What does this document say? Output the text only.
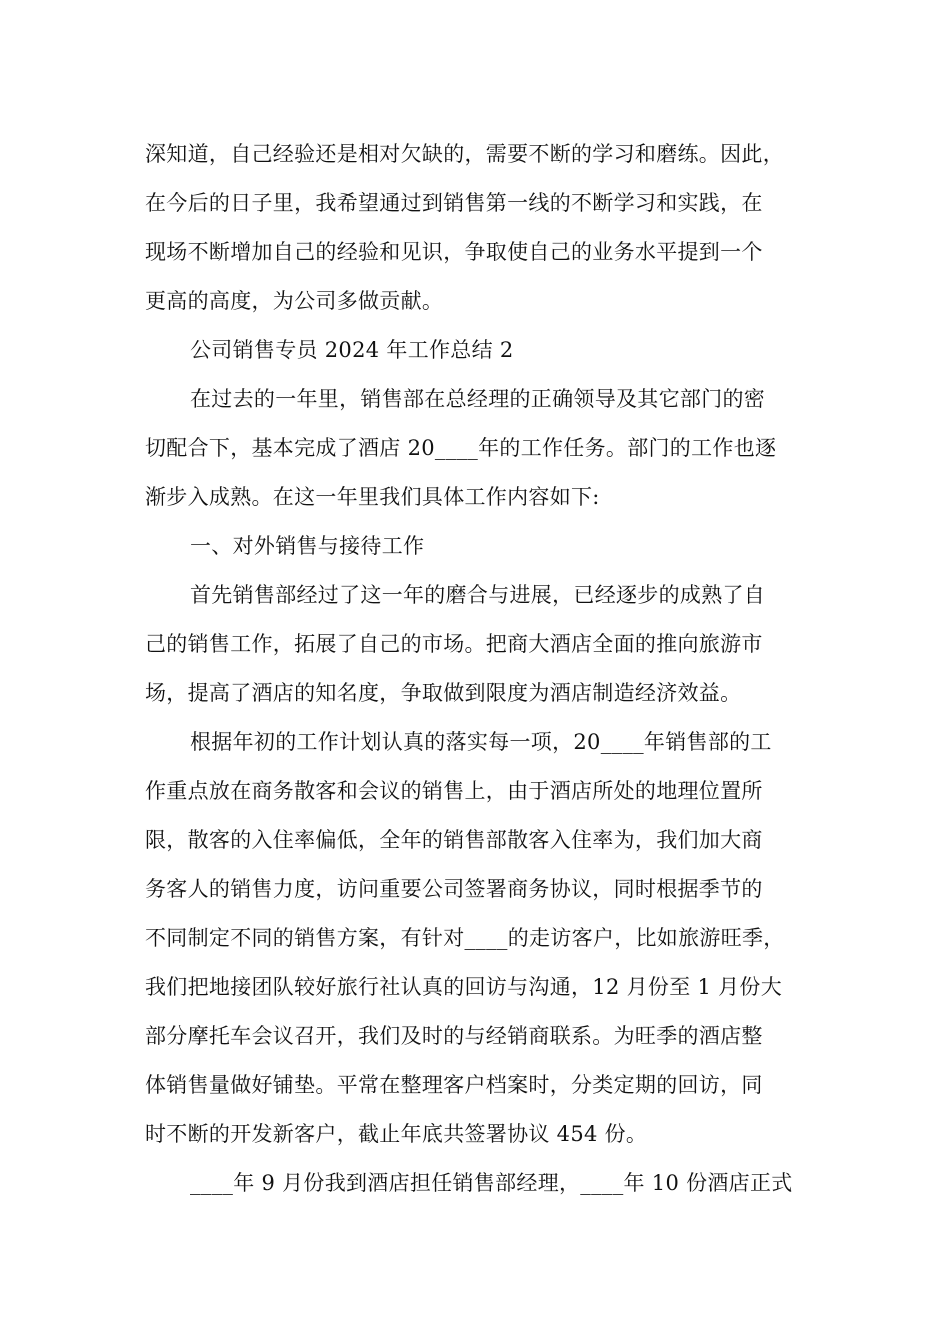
深知道，自己经验还是相对欠缺的，需要不断的学习和磨练。因此，
在今后的日子里，我希望通过到销售第一线的不断学习和实践，在
现场不断增加自己的经验和见识，争取使自己的业务水平提到一个
更高的高度，为公司多做贡献。
公司销售专员 2024 年工作总结 2
在过去的一年里，销售部在总经理的正确领导及其它部门的密
切配合下，基本完成了酒店 20____年的工作任务。部门的工作也逐
渐步入成熟。在这一年里我们具体工作内容如下:
一、对外销售与接待工作
首先销售部经过了这一年的磨合与进展，已经逐步的成熟了自
己的销售工作，拓展了自己的市场。把商大酒店全面的推向旅游市
场，提高了酒店的知名度，争取做到限度为酒店制造经济效益。
根据年初的工作计划认真的落实每一项，20____年销售部的工
作重点放在商务散客和会议的销售上，由于酒店所处的地理位置所
限，散客的入住率偏低，全年的销售部散客入住率为，我们加大商
务客人的销售力度，访问重要公司签署商务协议，同时根据季节的
不同制定不同的销售方案，有针对____的走访客户，比如旅游旺季，
我们把地接团队较好旅行社认真的回访与沟通，12 月份至 1 月份大
部分摩托车会议召开，我们及时的与经销商联系。为旺季的酒店整
体销售量做好铺垫。平常在整理客户档案时，分类定期的回访，同
时不断的开发新客户，截止年底共签署协议 454 份。
____年 9 月份我到酒店担任销售部经理，____年 10 份酒店正式
